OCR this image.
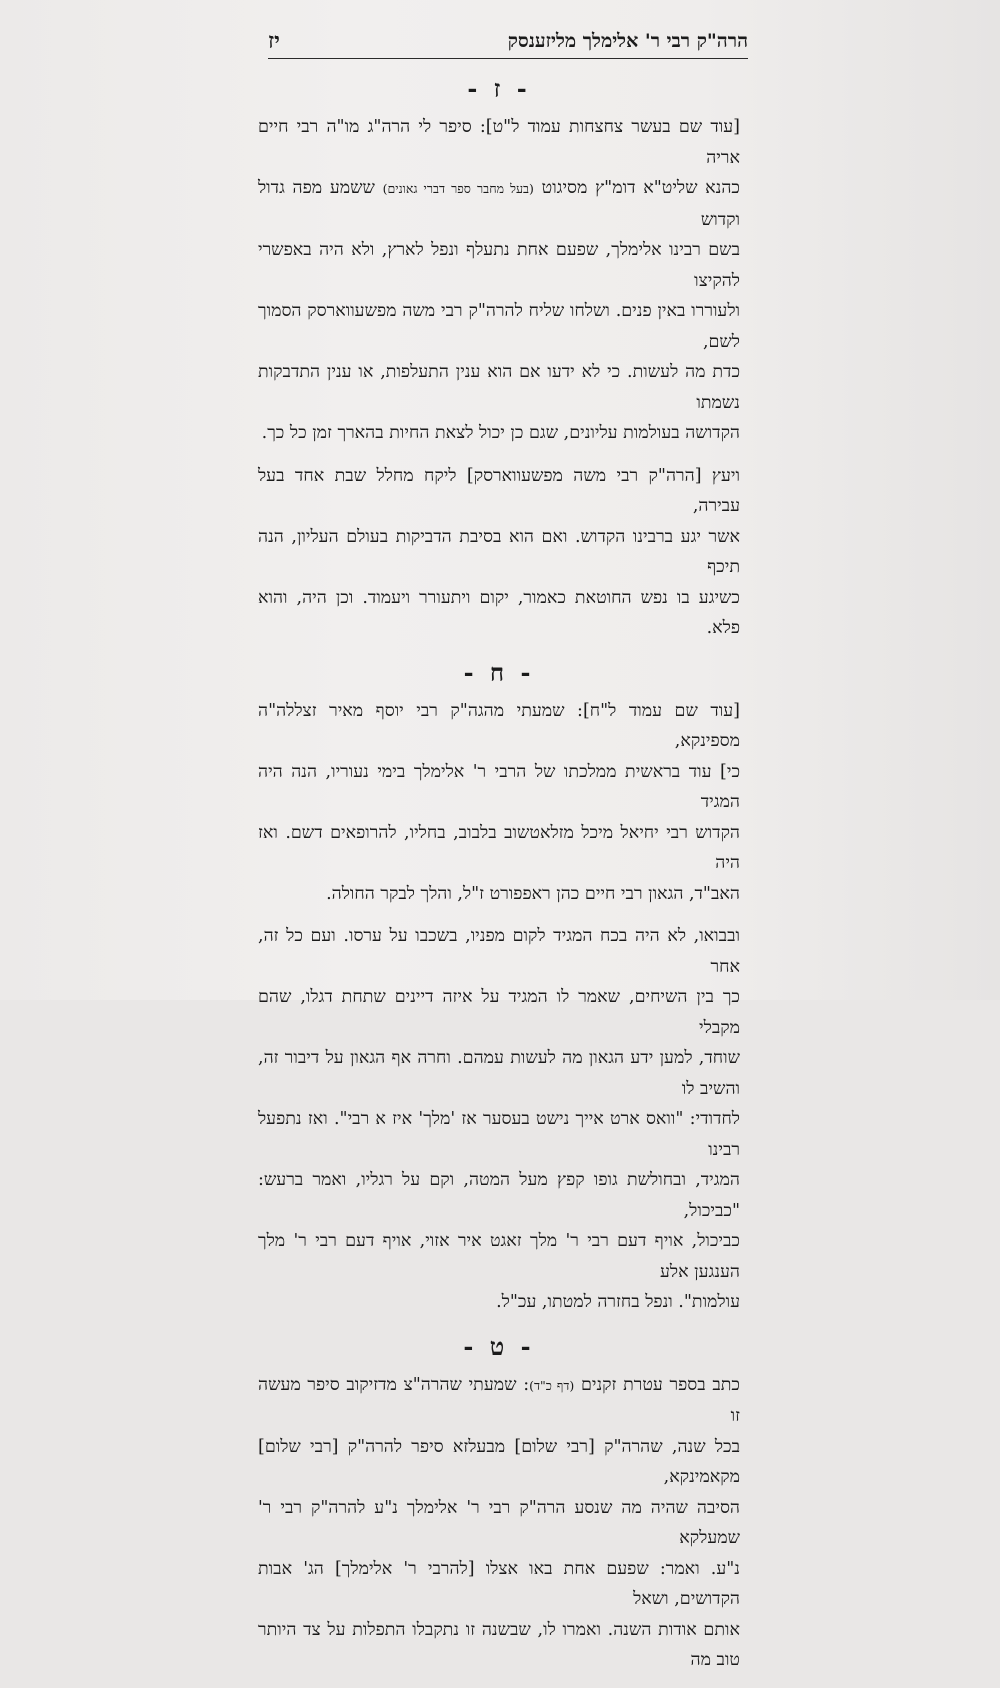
הרה"ק רבי ר' אלימלך מליזענסק
יז
- ז -
[עוד שם בעשר צחצחות עמוד ל"ט]: סיפר לי הרה"ג מו"ה רבי חיים אריה
כהנא שליט"א דומ"ץ מסיגוט (בעל מחבר ספר דברי גאונים) ששמע מפה גדול וקדוש
בשם רבינו אלימלך, שפעם אחת נתעלף ונפל לארץ, ולא היה באפשרי להקיצו
ולעוררו באין פנים. ושלחו שליח להרה"ק רבי משה מפשעווארסק הסמוך לשם,
כדת מה לעשות. כי לא ידעו אם הוא ענין התעלפות, או ענין התדבקות נשמתו
הקדושה בעולמות עליונים, שגם כן יכול לצאת החיות בהארך זמן כל כך.
ויעץ [הרה"ק רבי משה מפשעווארסק] ליקח מחלל שבת אחד בעל עבירה,
אשר יגע ברבינו הקדוש. ואם הוא בסיבת הדביקות בעולם העליון, הנה תיכף
כשיגע בו נפש החוטאת כאמור, יקום ויתעורר ויעמוד. וכן היה, והוא פלא.
- ח -
[עוד שם עמוד ל"ח]: שמעתי מהגה"ק רבי יוסף מאיר זצללה"ה מספינקא,
כי] עוד בראשית ממלכתו של הרבי ר' אלימלך בימי נעוריו, הנה היה המגיד
הקדוש רבי יחיאל מיכל מזלאטשוב בלבוב, בחליו, להרופאים דשם. ואז היה
האב"ד, הגאון רבי חיים כהן ראפפורט ז"ל, והלך לבקר החולה.
ובבואו, לא היה בכח המגיד לקום מפניו, בשכבו על ערסו. ועם כל זה, אחר
כך בין השיחים, שאמר לו המגיד על איזה דיינים שתחת דגלו, שהם מקבלי
שוחד, למען ידע הגאון מה לעשות עמהם. וחרה אף הגאון על דיבור זה, והשיב לו
לחדודי: "וואס ארט אייך נישט בעסער אז 'מלך' איז א רבי". ואז נתפעל רבינו
המגיד, ובחולשת גופו קפץ מעל המטה, וקם על רגליו, ואמר ברעש: "כביכול,
כביכול, אויף דעם רבי ר' מלך זאגט איר אזוי, אויף דעם רבי ר' מלך הענגען אלע
עולמות". ונפל בחזרה למטתו, עכ"ל.
- ט -
כתב בספר עטרת זקנים (דף כ"ד): שמעתי שהרה"צ מדזיקוב סיפר מעשה זו
בכל שנה, שהרה"ק [רבי שלום] מבעלזא סיפר להרה"ק [רבי שלום] מקאמינקא,
הסיבה שהיה מה שנסע הרה"ק רבי ר' אלימלך נ"ע להרה"ק רבי ר' שמעלקא
נ"ע. ואמר: שפעם אחת באו אצלו [להרבי ר' אלימלך] הג' אבות הקדושים, ושאל
אותם אודות השנה. ואמרו לו, שבשנה זו נתקבלו התפלות על צד היותר טוב מה
